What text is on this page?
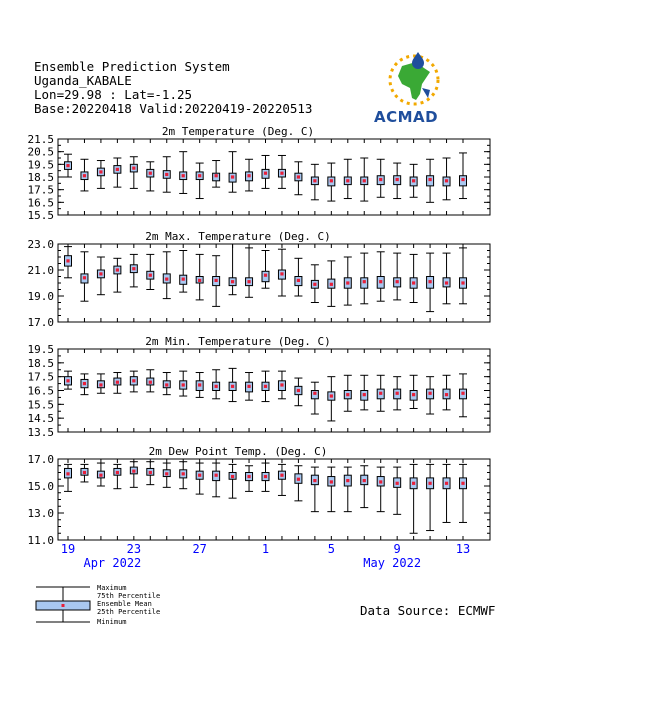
Ensemble Prediction System
Uganda_KABALE
Lon=29.98 : Lat=-1.25
Base:20220418 Valid:20220419-20220513	ACMAD
15.5
16.5
17.5
18.5
19.5
20.5
21.5
2m Temperature (Deg. C)
17.0
19.0
21.0
23.0
2m Max. Temperature (Deg. C)
13.5
14.5
15.5
16.5
17.5
18.5
19.5
2m Min. Temperature (Deg. C)
11.0
13.0
15.0
17.0
2m Dew Point Temp. (Deg. C)
19	23	27	1	5	9	13
Apr 2022	May 2022
Maximum
75th Percentile
Ensemble Mean
25th Percentile
Minimum
Data Source: ECMWF
